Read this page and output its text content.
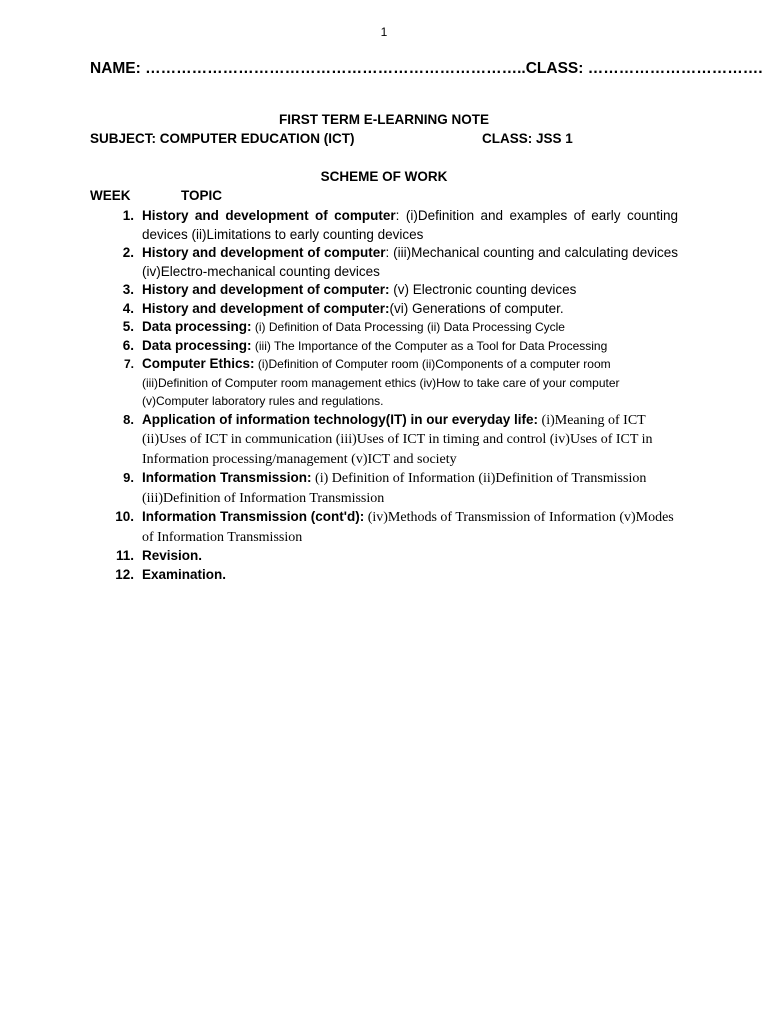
1
NAME: ………………………………………………………………..CLASS: …………………………….
FIRST TERM E-LEARNING NOTE
SUBJECT: COMPUTER EDUCATION (ICT)	CLASS: JSS 1
SCHEME OF WORK
WEEK	TOPIC
1. History and development of computer: (i)Definition and examples of early counting devices (ii)Limitations to early counting devices
2. History and development of computer: (iii)Mechanical counting and calculating devices (iv)Electro-mechanical counting devices
3. History and development of computer: (v) Electronic counting devices
4. History and development of computer:(vi) Generations of computer.
5. Data processing: (i) Definition of Data Processing (ii) Data Processing Cycle
6. Data processing: (iii) The Importance of the Computer as a Tool for Data Processing
7. Computer Ethics: (i)Definition of Computer room (ii)Components of a computer room (iii)Definition of Computer room management ethics (iv)How to take care of your computer (v)Computer laboratory rules and regulations.
8. Application of information technology(IT) in our everyday life: (i)Meaning of ICT (ii)Uses of ICT in communication (iii)Uses of ICT in timing and control (iv)Uses of ICT in Information processing/management (v)ICT and society
9. Information Transmission: (i) Definition of Information (ii)Definition of Transmission (iii)Definition of Information Transmission
10. Information Transmission (cont'd): (iv)Methods of Transmission of Information (v)Modes of Information Transmission
11. Revision.
12. Examination.
